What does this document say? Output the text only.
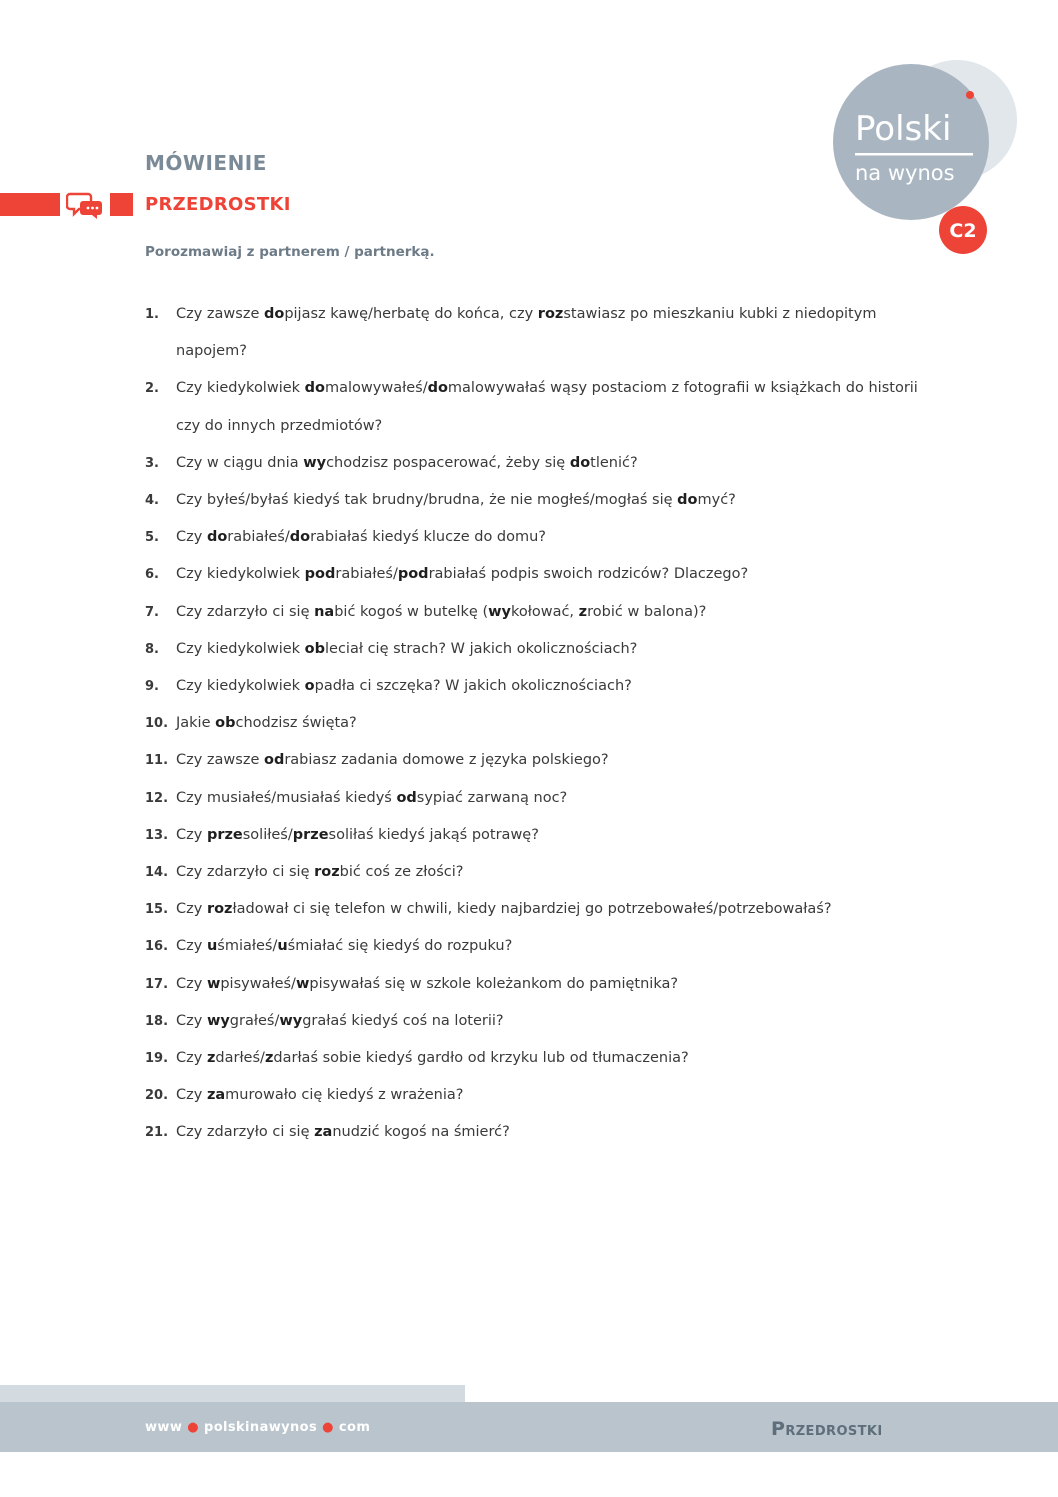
Polski
na wynos
C2
MÓWIENIE
PRZEDROSTKI
Porozmawiaj z partnerem / partnerką.
1. Czy zawsze dopijasz kawę/herbatę do końca, czy rozstawiasz po mieszkaniu kubki z niedopitym napojem?
2. Czy kiedykolwiek domalowywałeś/domalowywałaś wąsy postaciom z fotografii w książkach do historii czy do innych przedmiotów?
3. Czy w ciągu dnia wychodzisz pospacerować, żeby się dotlenić?
4. Czy byłeś/byłaś kiedyś tak brudny/brudna, że nie mogłeś/mogłaś się domyć?
5. Czy dorabiałeś/dorabiałaś kiedyś klucze do domu?
6. Czy kiedykolwiek podrabiałeś/podrabiałaś podpis swoich rodziców? Dlaczego?
7. Czy zdarzyło ci się nabić kogoś w butelkę (wykołować, zrobić w balona)?
8. Czy kiedykolwiek obleciał cię strach? W jakich okolicznościach?
9. Czy kiedykolwiek opadła ci szczęka? W jakich okolicznościach?
10. Jakie obchodzisz święta?
11. Czy zawsze odrabiasz zadania domowe z języka polskiego?
12. Czy musiałeś/musiałaś kiedyś odsypiać zarwaną noc?
13. Czy przesoliłeś/przesoliłaś kiedyś jakąś potrawę?
14. Czy zdarzyło ci się rozbić coś ze złości?
15. Czy rozładował ci się telefon w chwili, kiedy najbardziej go potrzebowałeś/potrzebowałaś?
16. Czy uśmiałeś/uśmiałać się kiedyś do rozpuku?
17. Czy wpisywałeś/wpisywałaś się w szkole koleżankom do pamiętnika?
18. Czy wygrałeś/wygrałaś kiedyś coś na loterii?
19. Czy zdarłeś/zdarłaś sobie kiedyś gardło od krzyku lub od tłumaczenia?
20. Czy zamurowało cię kiedyś z wrażenia?
21. Czy zdarzyło ci się zanudzić kogoś na śmierć?
www ● polskinawynos ● com	Przedrostki
